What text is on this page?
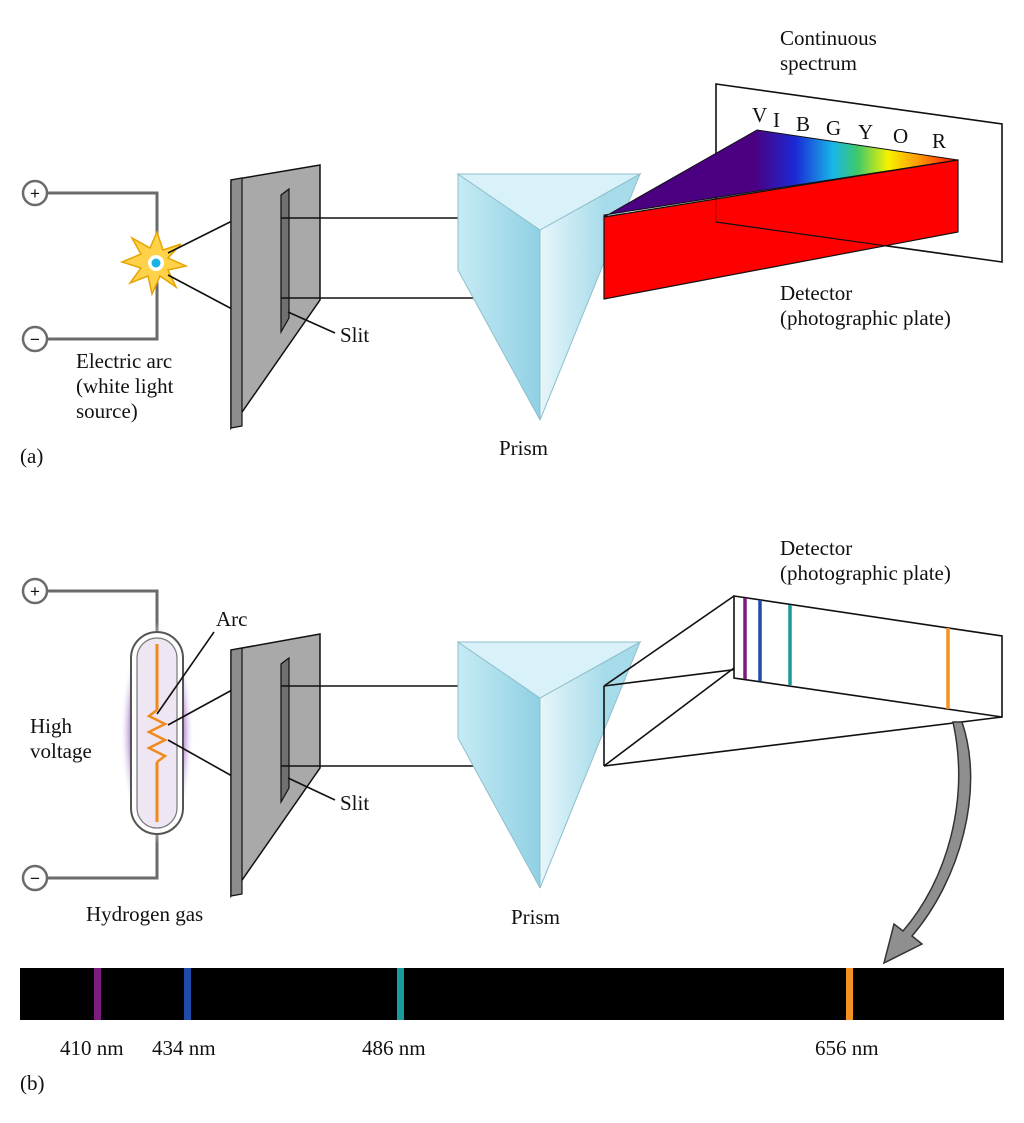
+
−
V I B G Y O R
Slit
Electric arc
(white light
source)
Prism
Continuous
spectrum
Detector
(photographic plate)
(a)
+
−
Arc
High
voltage
Hydrogen gas
Slit
Prism
Detector
(photographic plate)
410 nm 434 nm	486 nm	656 nm
(b)
